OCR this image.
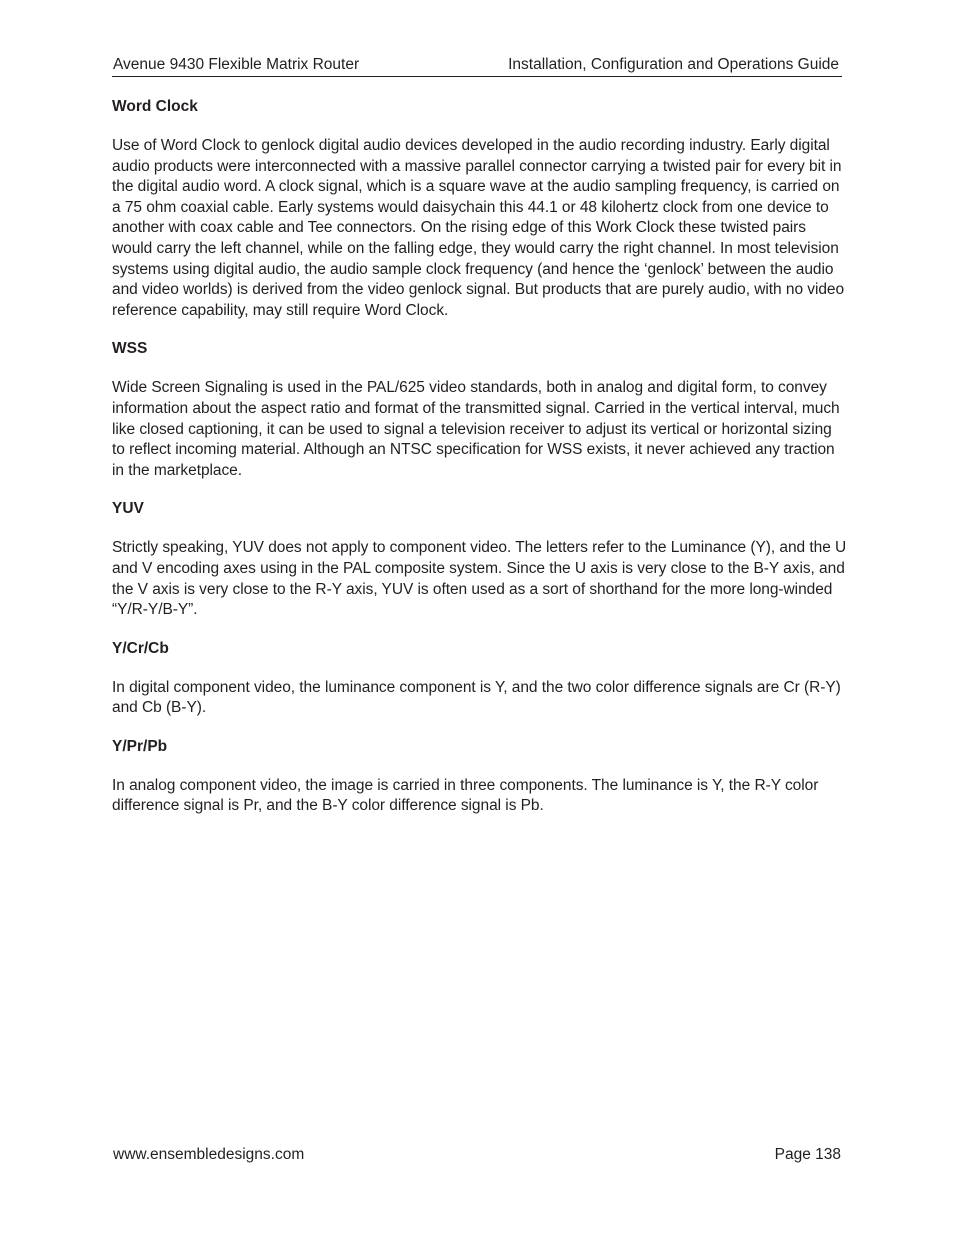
Avenue 9430 Flexible Matrix Router	Installation, Configuration and Operations Guide
Word Clock

Use of Word Clock to genlock digital audio devices developed in the audio recording industry. Early digital audio products were interconnected with a massive parallel connector carrying a twisted pair for every bit in the digital audio word. A clock signal, which is a square wave at the audio sampling frequency, is carried on a 75 ohm coaxial cable. Early systems would daisychain this 44.1 or 48 kilohertz clock from one device to another with coax cable and Tee connectors. On the rising edge of this Work Clock these twisted pairs would carry the left channel, while on the falling edge, they would carry the right channel. In most television systems using digital audio, the audio sample clock frequency (and hence the ‘genlock’ between the audio and video worlds) is derived from the video genlock signal. But products that are purely audio, with no video reference capability, may still require Word Clock.

WSS

Wide Screen Signaling is used in the PAL/625 video standards, both in analog and digital form, to convey information about the aspect ratio and format of the transmitted signal. Carried in the vertical interval, much like closed captioning, it can be used to signal a television receiver to adjust its vertical or horizontal sizing to reflect incoming material. Although an NTSC specification for WSS exists, it never achieved any traction in the marketplace.

YUV

Strictly speaking, YUV does not apply to component video. The letters refer to the Luminance (Y), and the U and V encoding axes using in the PAL composite system. Since the U axis is very close to the B-Y axis, and the V axis is very close to the R-Y axis, YUV is often used as a sort of shorthand for the more long-winded “Y/R-Y/B-Y”.

Y/Cr/Cb

In digital component video, the luminance component is Y, and the two color difference signals are Cr (R-Y) and Cb (B-Y).

Y/Pr/Pb

In analog component video, the image is carried in three components. The luminance is Y, the R-Y color difference signal is Pr, and the B-Y color difference signal is Pb.

www.ensembledesigns.com	Page 138
